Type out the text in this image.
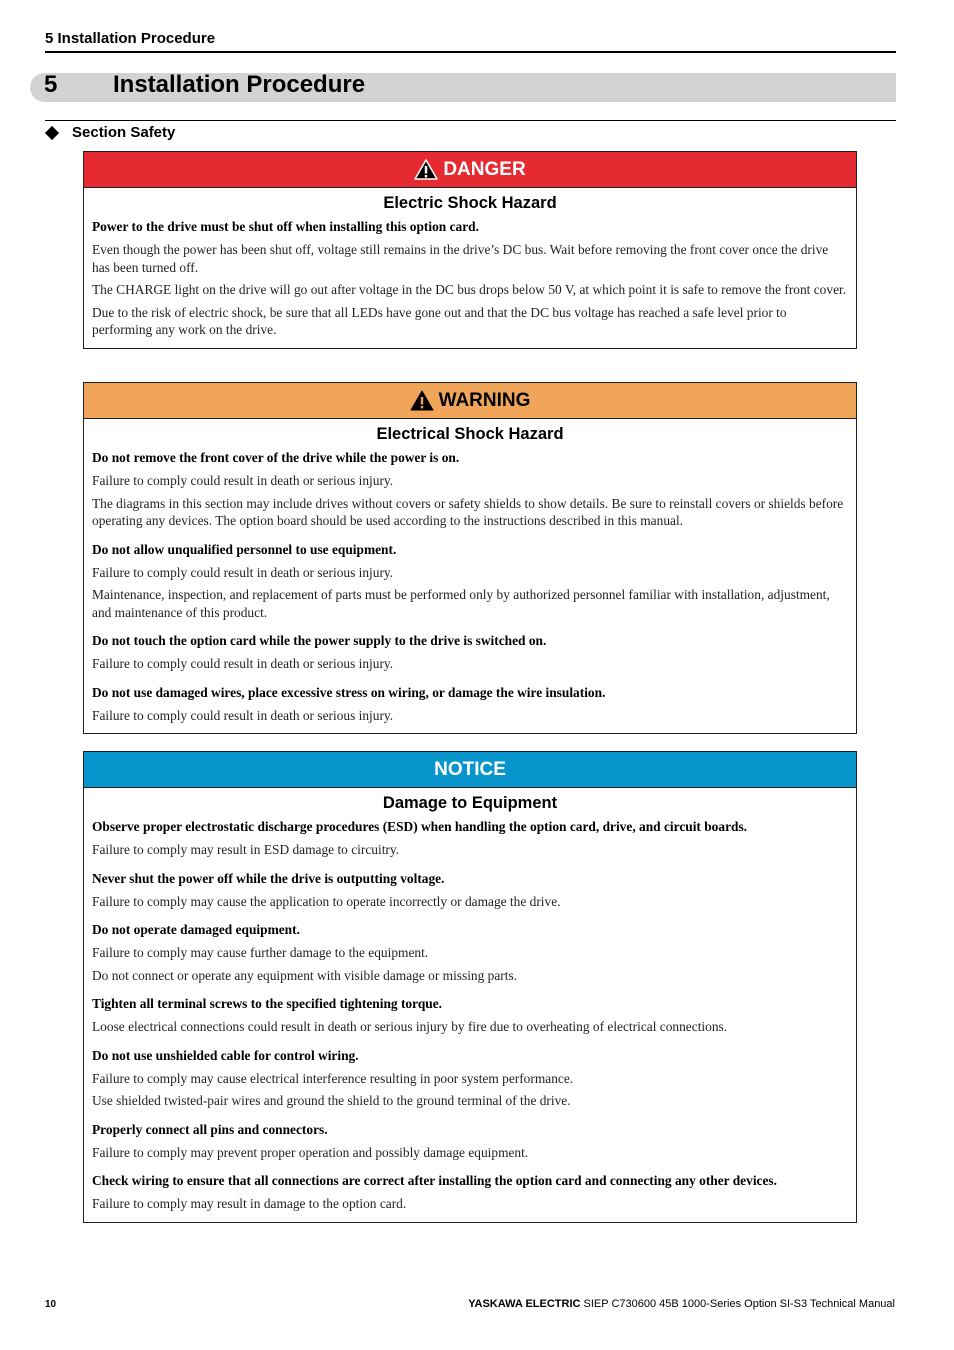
5 Installation Procedure
5 Installation Procedure
Section Safety
DANGER
Electric Shock Hazard

Power to the drive must be shut off when installing this option card.

Even though the power has been shut off, voltage still remains in the drive’s DC bus. Wait before removing the front cover once the drive has been turned off.

The CHARGE light on the drive will go out after voltage in the DC bus drops below 50 V, at which point it is safe to remove the front cover.

Due to the risk of electric shock, be sure that all LEDs have gone out and that the DC bus voltage has reached a safe level prior to performing any work on the drive.

WARNING
Electrical Shock Hazard

Do not remove the front cover of the drive while the power is on.

Failure to comply could result in death or serious injury.

The diagrams in this section may include drives without covers or safety shields to show details. Be sure to reinstall covers or shields before operating any devices. The option board should be used according to the instructions described in this manual.

Do not allow unqualified personnel to use equipment.

Failure to comply could result in death or serious injury.

Maintenance, inspection, and replacement of parts must be performed only by authorized personnel familiar with installation, adjustment, and maintenance of this product.

Do not touch the option card while the power supply to the drive is switched on.

Failure to comply could result in death or serious injury.

Do not use damaged wires, place excessive stress on wiring, or damage the wire insulation.

Failure to comply could result in death or serious injury.

NOTICE
Damage to Equipment

Observe proper electrostatic discharge procedures (ESD) when handling the option card, drive, and circuit boards.

Failure to comply may result in ESD damage to circuitry.

Never shut the power off while the drive is outputting voltage.

Failure to comply may cause the application to operate incorrectly or damage the drive.

Do not operate damaged equipment.

Failure to comply may cause further damage to the equipment.

Do not connect or operate any equipment with visible damage or missing parts.

Tighten all terminal screws to the specified tightening torque.

Loose electrical connections could result in death or serious injury by fire due to overheating of electrical connections.

Do not use unshielded cable for control wiring.

Failure to comply may cause electrical interference resulting in poor system performance.

Use shielded twisted-pair wires and ground the shield to the ground terminal of the drive.

Properly connect all pins and connectors.

Failure to comply may prevent proper operation and possibly damage equipment.

Check wiring to ensure that all connections are correct after installing the option card and connecting any other devices.

Failure to comply may result in damage to the option card.

10	YASKAWA ELECTRIC SIEP C730600 45B 1000-Series Option SI-S3 Technical Manual
